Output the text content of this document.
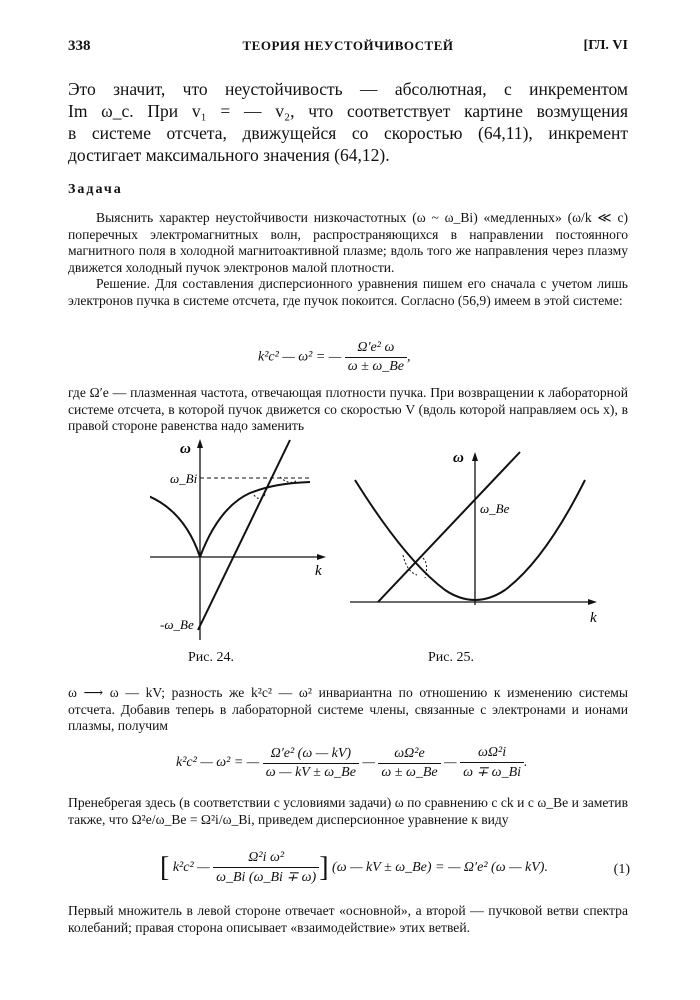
338	ТЕОРИЯ НЕУСТОЙЧИВОСТЕЙ	[ГЛ. VI

Это значит, что неустойчивость — абсолютная, с инкрементом

Im ω_c. При v₁ = — v₂, что соответствует картине возмущения

в системе отсчета, движущейся со скоростью (64,11), инкремент

достигает максимального значения (64,12).

Задача

Выяснить характер неустойчивости низкочастотных (ω ~ ω_Bi) «медленных» (ω/k ≪ c) поперечных электромагнитных волн, распространяющихся в направлении постоянного магнитного поля в холодной магнитоактивной плазме; вдоль того же направления через плазму движется холодный пучок электронов малой плотности.

Решение. Для составления дисперсионного уравнения пишем его сначала с учетом лишь электронов пучка в системе отсчета, где пучок покоится. Согласно (56,9) имеем в этой системе:

k²c² — ω² = — $\frac{\text{Ω′e² ω}}{\omega \pm \omega\_Be}$ ,

где Ω′e — плазменная частота, отвечающая плотности пучка. При возвращении к лабораторной системе отсчета, в которой пучок движется со скоростью V (вдоль которой направляем ось x), в правой стороне равенства надо заменить

ω
ω_Bi
k
-ω_Be
Рис. 24.
ω
ω_Be
k
Рис. 25.

ω ⟶ ω — kV; разность же k²c² — ω² инвариантна по отношению к изменению системы отсчета. Добавив теперь в лабораторной системе члены, связанные с электронами и ионами плазмы, получим

k²c² — ω² = — $\frac{\text{Ω′e² (ω — kV)}}{\omega — kV \pm \omega\_Be}$ — $\frac{\text{ωΩ²e}}{\omega \pm \omega\_Be}$ — $\frac{\text{ωΩ²i}}{\omega \mp \omega\_Bi}$ .

Пренебрегая здесь (в соответствии с условиями задачи) ω по сравнению с ck и с ω_Be и заметив также, что Ω²e/ω_Be = Ω²i/ω_Bi, приведем дисперсионное уравнение к виду

[ k²c² — $\frac{\text{Ω²i ω²}}{\omega\_Bi (\omega\_Bi \mp \omega)}$ ] (ω — kV ± ω_Be) = — Ω′e² (ω — kV).	(1)

Первый множитель в левой стороне отвечает «основной», а второй — пучковой ветви спектра колебаний; правая сторона описывает «взаимодействие» этих ветвей.
